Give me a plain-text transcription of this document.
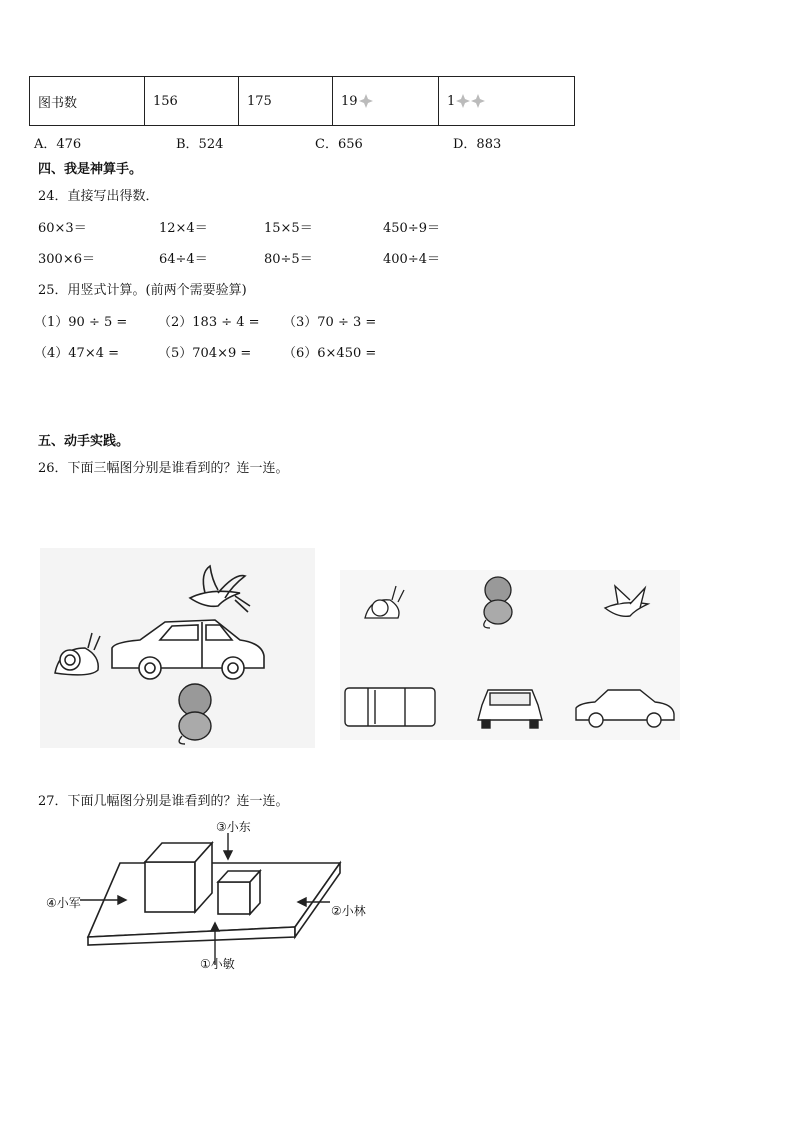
图书数	156	175	19	1
A．476	B．524	C．656	D．883
四、我是神算手。
24．直接写出得数．
60×3＝	12×4＝	15×5＝	450÷9＝
300×6＝	64÷4＝	80÷5＝	400÷4＝
25．用竖式计算。(前两个需要验算)
（1）90 ÷ 5 = （2）183 ÷ 4 = （3）70 ÷ 3 =
（4）47×4 =	（5）704×9 = （6）6×450 =
五、动手实践。
26．下面三幅图分别是谁看到的？连一连。
27．下面几幅图分别是谁看到的？连一连。
③小东
④小军
②小林
①小敏
